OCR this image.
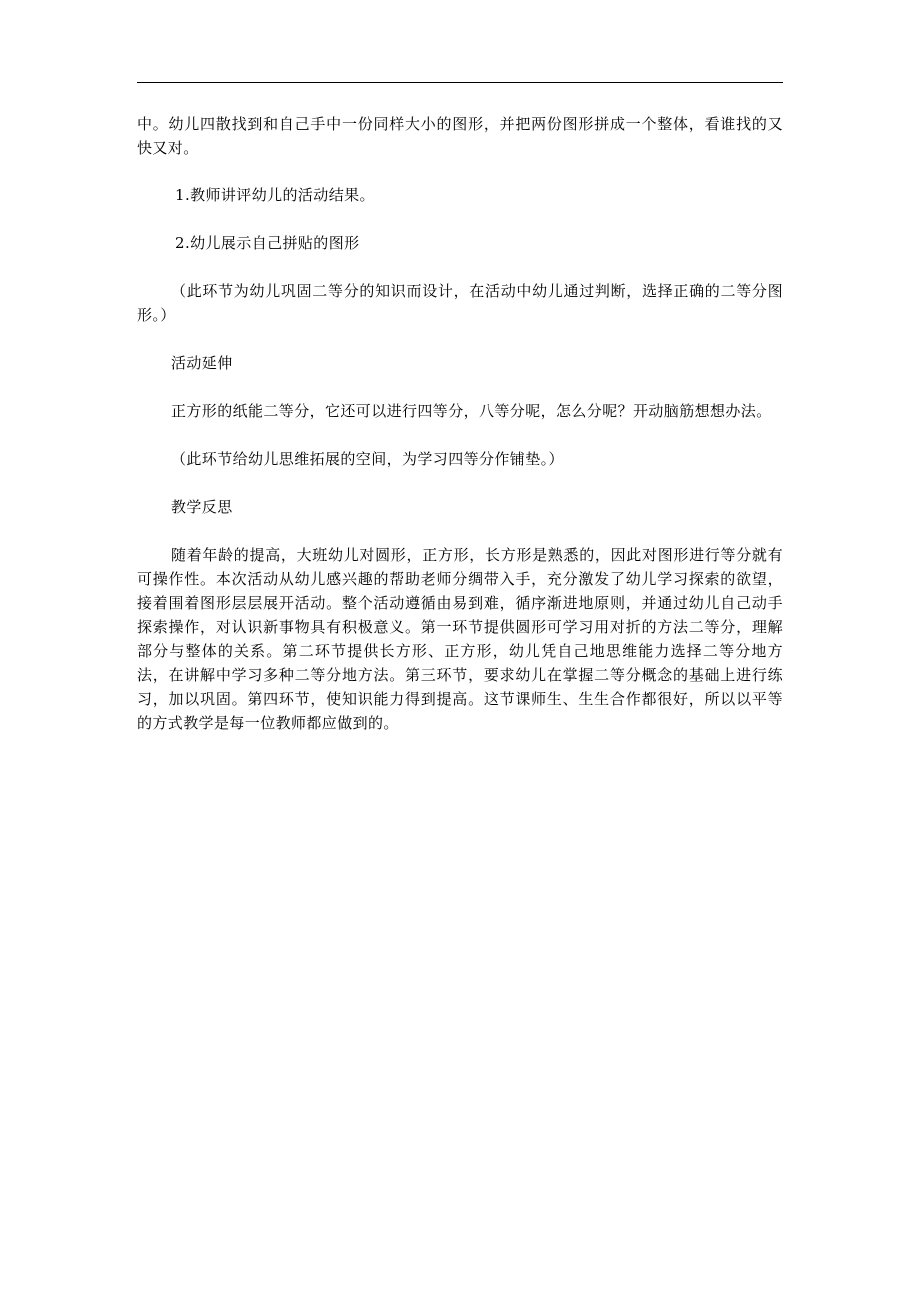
中。幼儿四散找到和自己手中一份同样大小的图形，并把两份图形拼成一个整体，看谁找的又快又对。

1.教师讲评幼儿的活动结果。

2.幼儿展示自己拼贴的图形

（此环节为幼儿巩固二等分的知识而设计，在活动中幼儿通过判断，选择正确的二等分图形。）

活动延伸

正方形的纸能二等分，它还可以进行四等分，八等分呢，怎么分呢？开动脑筋想想办法。

（此环节给幼儿思维拓展的空间，为学习四等分作铺垫。）

教学反思

随着年龄的提高，大班幼儿对圆形，正方形，长方形是熟悉的，因此对图形进行等分就有可操作性。本次活动从幼儿感兴趣的帮助老师分绸带入手，充分激发了幼儿学习探索的欲望，接着围着图形层层展开活动。整个活动遵循由易到难，循序渐进地原则，并通过幼儿自己动手探索操作，对认识新事物具有积极意义。第一环节提供圆形可学习用对折的方法二等分，理解部分与整体的关系。第二环节提供长方形、正方形，幼儿凭自己地思维能力选择二等分地方法，在讲解中学习多种二等分地方法。第三环节，要求幼儿在掌握二等分概念的基础上进行练习，加以巩固。第四环节，使知识能力得到提高。这节课师生、生生合作都很好，所以以平等的方式教学是每一位教师都应做到的。
